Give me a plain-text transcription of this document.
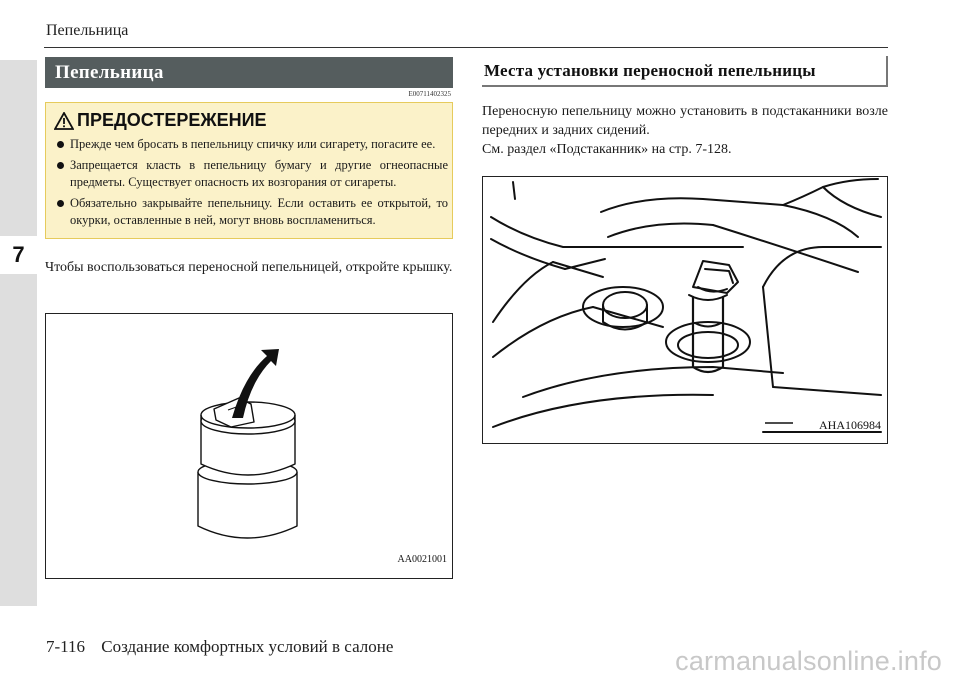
7
Пепельница
Пепельница
E00711402325
ПРЕДОСТЕРЕЖЕНИЕ
Прежде чем бросать в пепельницу спичку или сигарету, погасите ее.
Запрещается класть в пепельницу бумагу и другие огнеопасные предметы. Существует опасность их возгорания от сигареты.
Обязательно закрывайте пепельницу. Если оставить ее открытой, то окурки, оставленные в ней, могут вновь воспламениться.
Чтобы воспользоваться переносной пепельницей, откройте крышку.
AA0021001
Места установки переносной пепельницы
Переносную пепельницу можно установить в подстаканники возле передних и задних сидений.
См. раздел «Подстаканник» на стр. 7-128.
AHA106984
7-116 Создание комфортных условий в салоне	carmanualsonline.info
